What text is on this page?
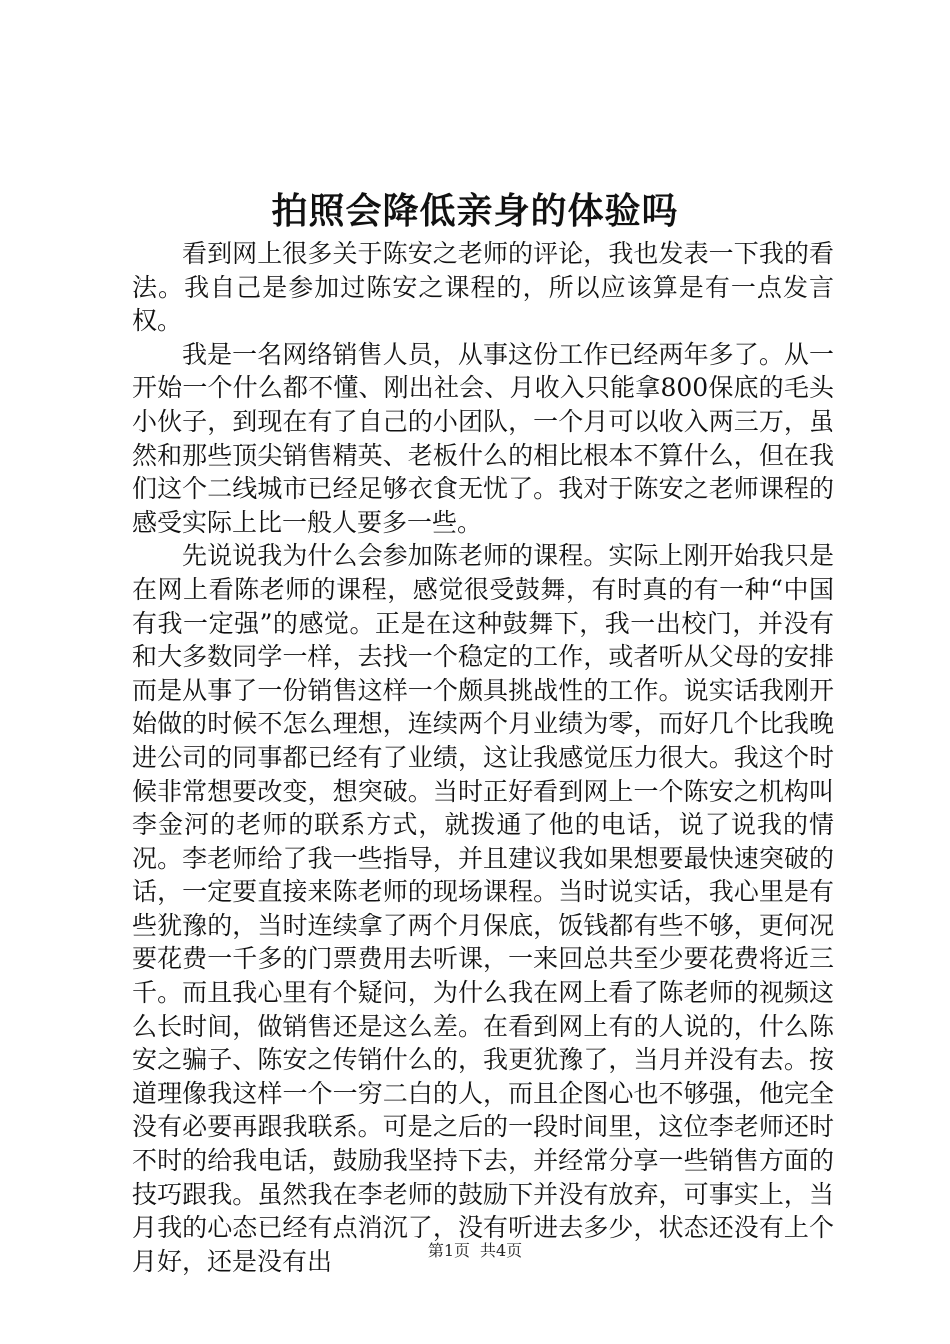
拍照会降低亲身的体验吗

看到网上很多关于陈安之老师的评论，我也发表一下我的看法。我自己是参加过陈安之课程的，所以应该算是有一点发言权。

我是一名网络销售人员，从事这份工作已经两年多了。从一开始一个什么都不懂、刚出社会、月收入只能拿800保底的毛头小伙子，到现在有了自己的小团队，一个月可以收入两三万，虽然和那些顶尖销售精英、老板什么的相比根本不算什么，但在我们这个二线城市已经足够衣食无忧了。我对于陈安之老师课程的感受实际上比一般人要多一些。

先说说我为什么会参加陈老师的课程。实际上刚开始我只是在网上看陈老师的课程，感觉很受鼓舞，有时真的有一种“中国有我一定强”的感觉。正是在这种鼓舞下，我一出校门，并没有和大多数同学一样，去找一个稳定的工作，或者听从父母的安排而是从事了一份销售这样一个颇具挑战性的工作。说实话我刚开始做的时候不怎么理想，连续两个月业绩为零，而好几个比我晚进公司的同事都已经有了业绩，这让我感觉压力很大。我这个时候非常想要改变，想突破。当时正好看到网上一个陈安之机构叫李金河的老师的联系方式，就拨通了他的电话，说了说我的情况。李老师给了我一些指导，并且建议我如果想要最快速突破的话，一定要直接来陈老师的现场课程。当时说实话，我心里是有些犹豫的，当时连续拿了两个月保底，饭钱都有些不够，更何况要花费一千多的门票费用去听课，一来回总共至少要花费将近三千。而且我心里有个疑问，为什么我在网上看了陈老师的视频这么长时间，做销售还是这么差。在看到网上有的人说的，什么陈安之骗子、陈安之传销什么的，我更犹豫了，当月并没有去。按道理像我这样一个一穷二白的人，而且企图心也不够强，他完全没有必要再跟我联系。可是之后的一段时间里，这位李老师还时不时的给我电话，鼓励我坚持下去，并经常分享一些销售方面的技巧跟我。虽然我在李老师的鼓励下并没有放弃，可事实上，当月我的心态已经有点消沉了，没有听进去多少，状态还没有上个月好，还是没有出	第1页 共4页
